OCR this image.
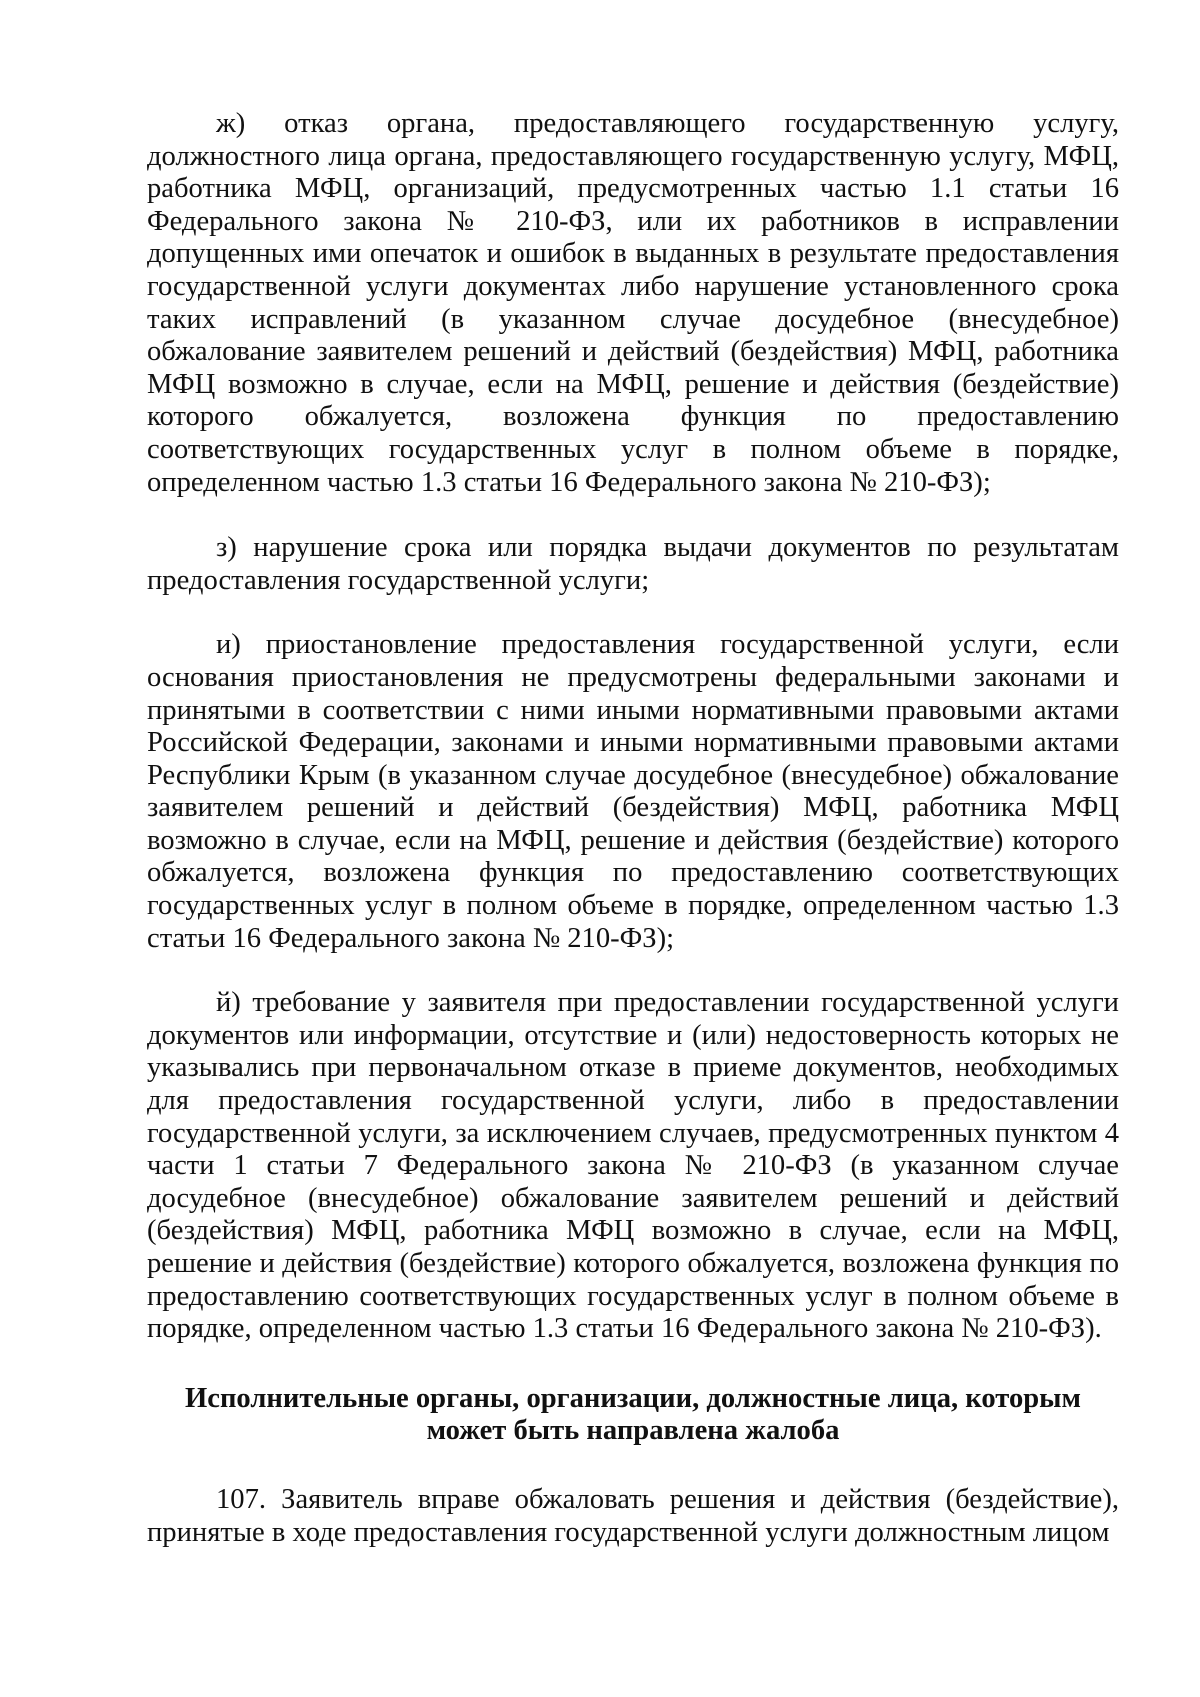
ж) отказ органа, предоставляющего государственную услугу, должностного лица органа, предоставляющего государственную услугу, МФЦ, работника МФЦ, организаций, предусмотренных частью 1.1 статьи 16 Федерального закона № 210-ФЗ, или их работников в исправлении допущенных ими опечаток и ошибок в выданных в результате предоставления государственной услуги документах либо нарушение установленного срока таких исправлений (в указанном случае досудебное (внесудебное) обжалование заявителем решений и действий (бездействия) МФЦ, работника МФЦ возможно в случае, если на МФЦ, решение и действия (бездействие) которого обжалуется, возложена функция по предоставлению соответствующих государственных услуг в полном объеме в порядке, определенном частью 1.3 статьи 16 Федерального закона № 210-ФЗ);

з) нарушение срока или порядка выдачи документов по результатам предоставления государственной услуги;

и) приостановление предоставления государственной услуги, если основания приостановления не предусмотрены федеральными законами и принятыми в соответствии с ними иными нормативными правовыми актами Российской Федерации, законами и иными нормативными правовыми актами Республики Крым (в указанном случае досудебное (внесудебное) обжалование заявителем решений и действий (бездействия) МФЦ, работника МФЦ возможно в случае, если на МФЦ, решение и действия (бездействие) которого обжалуется, возложена функция по предоставлению соответствующих государственных услуг в полном объеме в порядке, определенном частью 1.3 статьи 16 Федерального закона № 210-ФЗ);

й) требование у заявителя при предоставлении государственной услуги документов или информации, отсутствие и (или) недостоверность которых не указывались при первоначальном отказе в приеме документов, необходимых для предоставления государственной услуги, либо в предоставлении государственной услуги, за исключением случаев, предусмотренных пунктом 4 части 1 статьи 7 Федерального закона № 210-ФЗ (в указанном случае досудебное (внесудебное) обжалование заявителем решений и действий (бездействия) МФЦ, работника МФЦ возможно в случае, если на МФЦ, решение и действия (бездействие) которого обжалуется, возложена функция по предоставлению соответствующих государственных услуг в полном объеме в порядке, определенном частью 1.3 статьи 16 Федерального закона № 210-ФЗ).

Исполнительные органы, организации, должностные лица, которым
может быть направлена жалоба

107. Заявитель вправе обжаловать решения и действия (бездействие), принятые в ходе предоставления государственной услуги должностным лицом
